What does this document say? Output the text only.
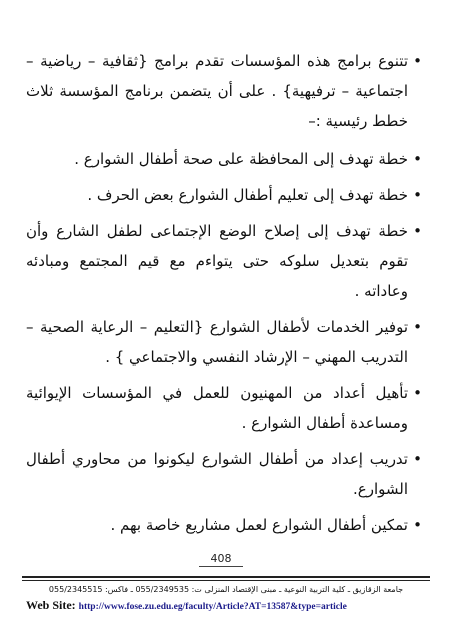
•
تتنوع برامج هذه المؤسسات تقدم برامج {ثقافية – رياضية – اجتماعية – ترفيهية} . على أن يتضمن برنامج المؤسسة ثلاث خطط رئيسية :–
•
خطة تهدف إلى المحافظة على صحة أطفال الشوارع .
•
خطة تهدف إلى تعليم أطفال الشوارع بعض الحرف .
•
خطة تهدف إلى إصلاح الوضع الإجتماعى لطفل الشارع وأن تقوم بتعديل سلوكه حتى يتواءم مع قيم المجتمع ومبادئه وعاداته .
•
توفير الخدمات لأطفال الشوارع {التعليم – الرعاية الصحية – التدريب المهني – الإرشاد النفسي والاجتماعي } .
•
تأهيل أعداد من المهنيون للعمل في المؤسسات الإيوائية ومساعدة أطفال الشوارع .
•
تدريب إعداد من أطفال الشوارع ليكونوا من محاوري أطفال الشوارع.
•
تمكين أطفال الشوارع لعمل مشاريع خاصة بهم .
408
جامعة الزقازيق ـ كلية التربية النوعية ـ مبنى الإقتصاد المنزلى ت: 055/2349535 ـ فاكس: 055/2345515
Web Site: http://www.fose.zu.edu.eg/faculty/Article?AT=13587&type=article
